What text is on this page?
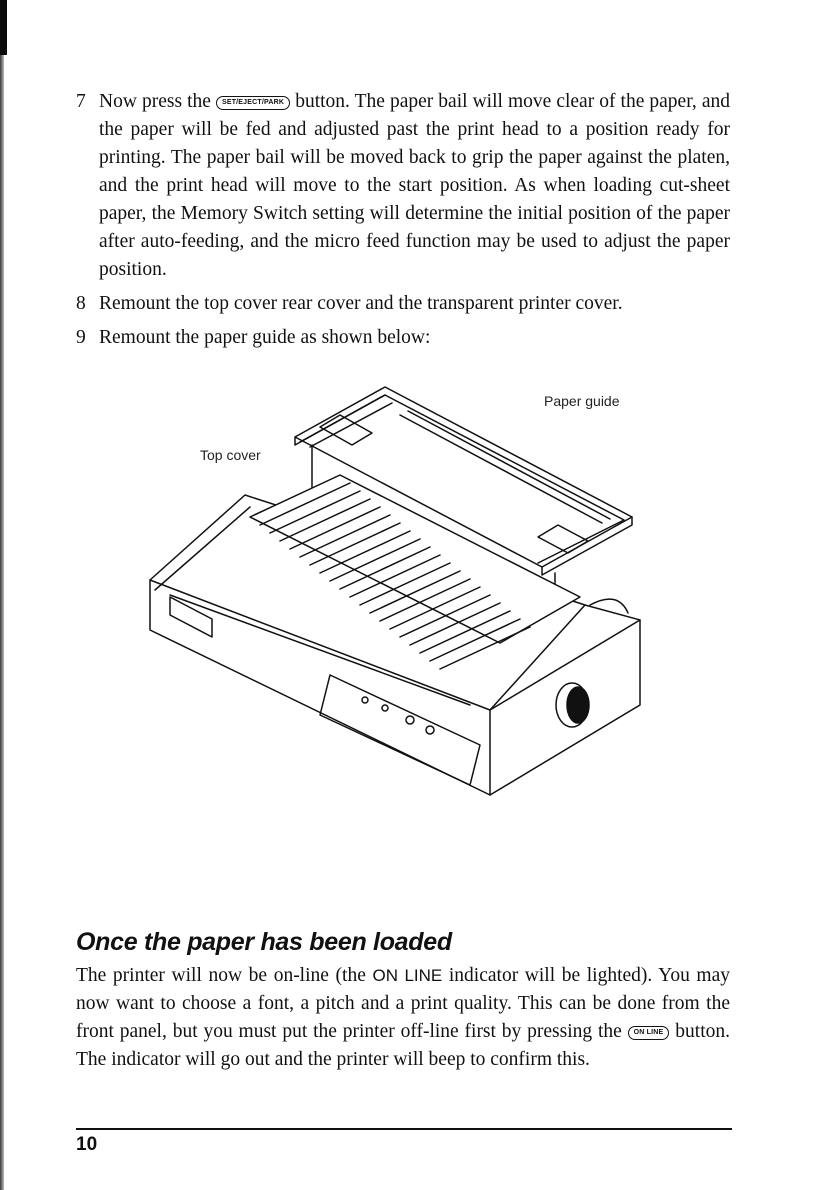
7 Now press the SET/EJECT/PARK button. The paper bail will move clear of the paper, and the paper will be fed and adjusted past the print head to a position ready for printing. The paper bail will be moved back to grip the paper against the platen, and the print head will move to the start position. As when loading cut-sheet paper, the Memory Switch setting will determine the initial position of the paper after auto-feeding, and the micro feed function may be used to adjust the paper position.
8 Remount the top cover rear cover and the transparent printer cover.
9 Remount the paper guide as shown below:
Paper guide
Top cover
Once the paper has been loaded

The printer will now be on-line (the ON LINE indicator will be lighted). You may now want to choose a font, a pitch and a print quality. This can be done from the front panel, but you must put the printer off-line first by pressing the ON LINE button. The indicator will go out and the printer will beep to confirm this.

10
